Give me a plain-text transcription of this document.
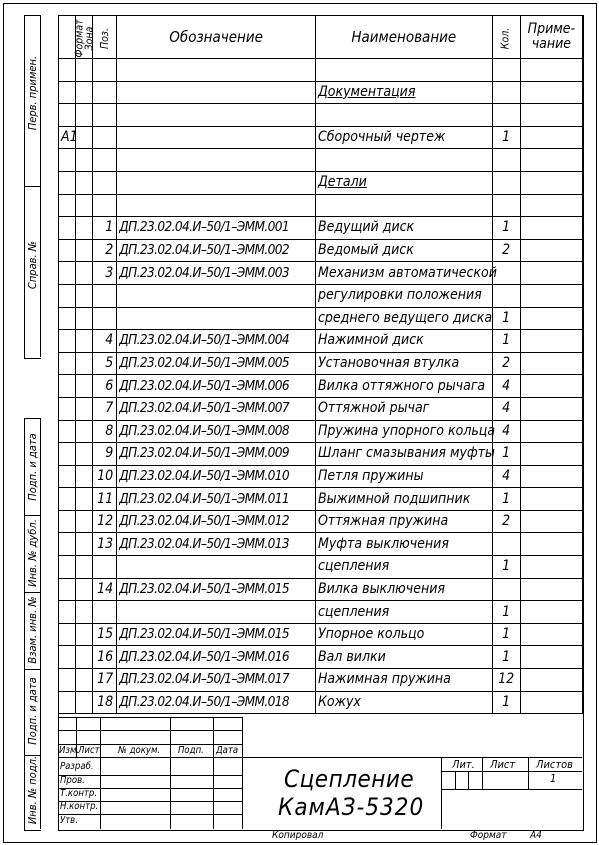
Перв. примен.
Справ. №
Подп. и дата
Инв. № дубл.
Взам. инв. №
Подп. и дата
Инв. № подл.
Формат	Зона	Поз.	Обозначение	Наименование	Кол.	Приме-
чание

				Документация		

А1				Сборочный чертеж	1	

				Детали		

		1	ДП.23.02.04.И–50/1–ЭММ.001	Ведущий диск	1	
		2	ДП.23.02.04.И–50/1–ЭММ.002	Ведомый диск	2	
		3	ДП.23.02.04.И–50/1–ЭММ.003	Механизм автоматической		
				регулировки положения		
				среднего ведущего диска	1	
		4	ДП.23.02.04.И–50/1–ЭММ.004	Нажимной диск	1	
		5	ДП.23.02.04.И–50/1–ЭММ.005	Установочная втулка	2	
		6	ДП.23.02.04.И–50/1–ЭММ.006	Вилка оттяжного рычага	4	
		7	ДП.23.02.04.И–50/1–ЭММ.007	Оттяжной рычаг	4	
		8	ДП.23.02.04.И–50/1–ЭММ.008	Пружина упорного кольца	4	
		9	ДП.23.02.04.И–50/1–ЭММ.009	Шланг смазывания муфты	1	
		10	ДП.23.02.04.И–50/1–ЭММ.010	Петля пружины	4	
		11	ДП.23.02.04.И–50/1–ЭММ.011	Выжимной подшипник	1	
		12	ДП.23.02.04.И–50/1–ЭММ.012	Оттяжная пружина	2	
		13	ДП.23.02.04.И–50/1–ЭММ.013	Муфта выключения		
				сцепления	1	
		14	ДП.23.02.04.И–50/1–ЭММ.015	Вилка выключения		
				сцепления	1	
		15	ДП.23.02.04.И–50/1–ЭММ.015	Упорное кольцо	1	
		16	ДП.23.02.04.И–50/1–ЭММ.016	Вал вилки	1	
		17	ДП.23.02.04.И–50/1–ЭММ.017	Нажимная пружина	12	
		18	ДП.23.02.04.И–50/1–ЭММ.018	Кожух	1	
Изм.
Лист № докум. Подп. Дата
Разраб.
Пров.
Т.контр.
Н.контр.
Утв.
Сцепление
КамАЗ-5320
Лит. Лист Листов
1
Копировал	Формат А4
